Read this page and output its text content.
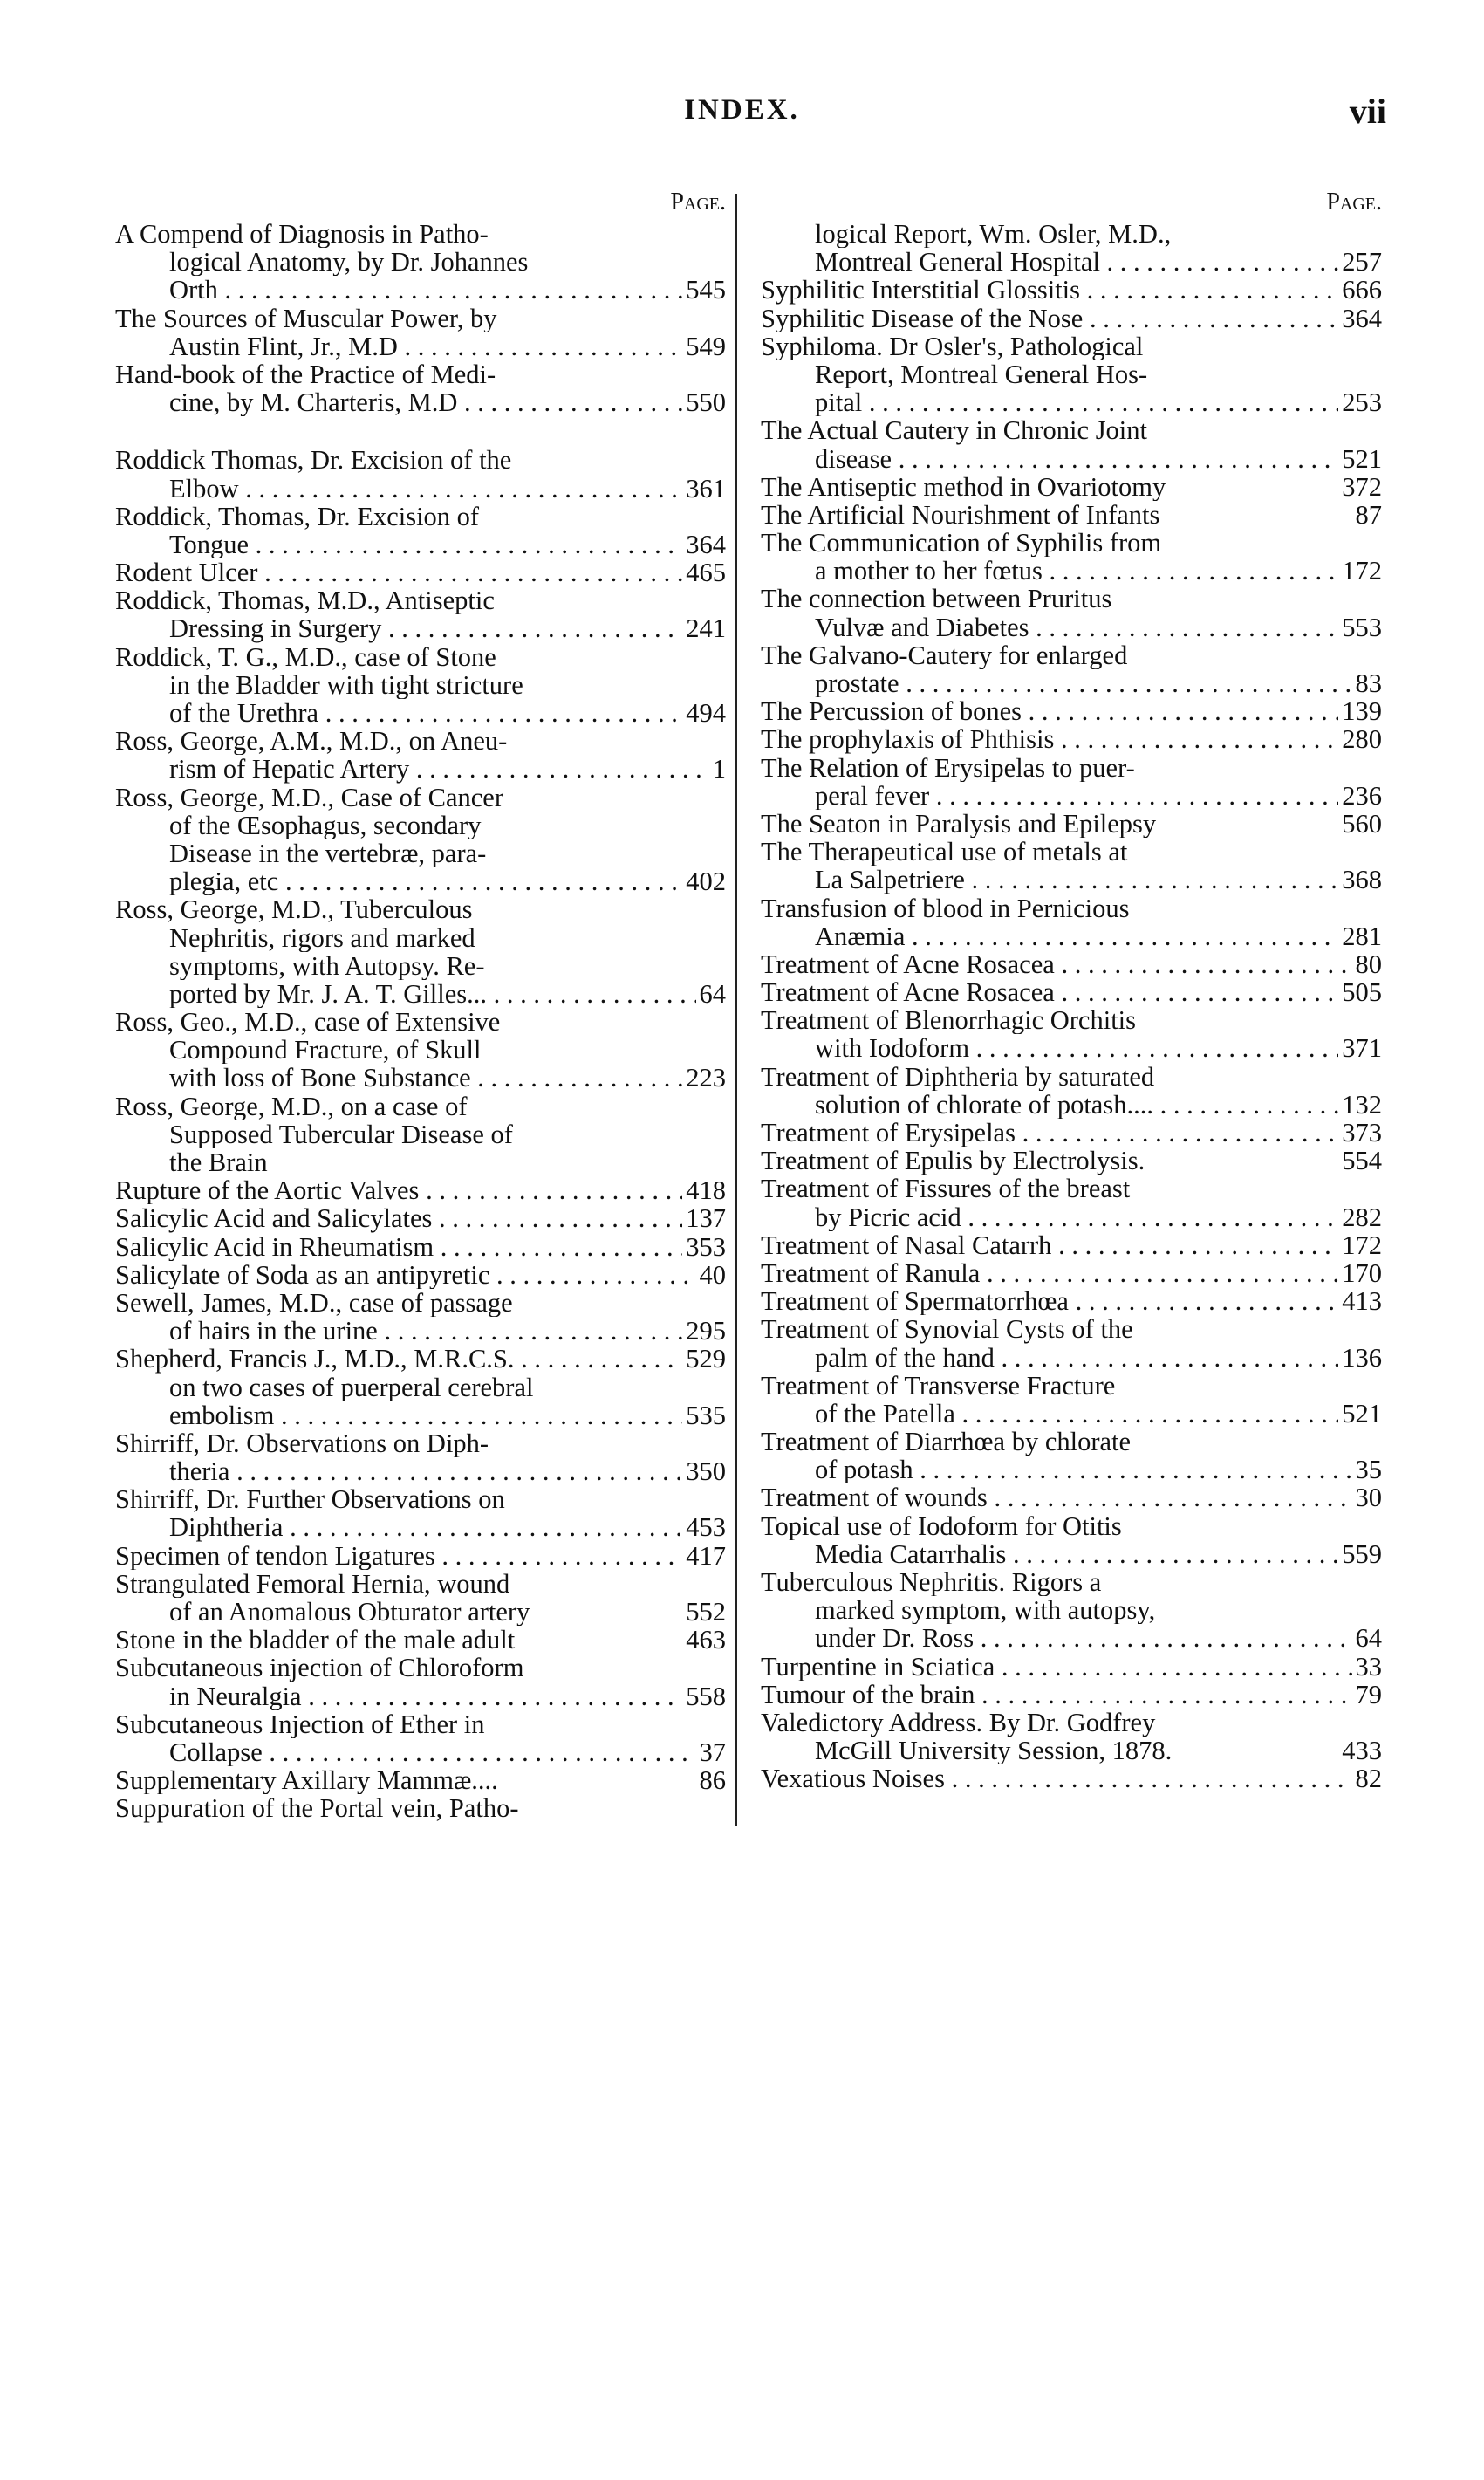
INDEX.	vii
Page.
A Compend of Diagnosis in Patho-
logical Anatomy, by Dr. Johannes
Orth . . .	545
The Sources of Muscular Power, by
Austin Flint, Jr., M.D . . .	549
Hand-book of the Practice of Medi-
cine, by M. Charteris, M.D . . .	550
Roddick Thomas, Dr. Excision of the
Elbow . . .	361
Roddick, Thomas, Dr. Excision of
Tongue . . .	364
Rodent Ulcer . . .	465
Roddick, Thomas, M.D., Antiseptic
Dressing in Surgery . . .	241
Roddick, T. G., M.D., case of Stone
in the Bladder with tight stricture
of the Urethra . . .	494
Ross, George, A.M., M.D., on Aneu-
rism of Hepatic Artery . . .	1
Ross, George, M.D., Case of Cancer
of the Œsophagus, secondary
Disease in the vertebræ, para-
plegia, etc . . .	402
Ross, George, M.D., Tuberculous
Nephritis, rigors and marked
symptoms, with Autopsy. Re-
ported by Mr. J. A. T. Gilles... . . .	64
Ross, Geo., M.D., case of Extensive
Compound Fracture, of Skull
with loss of Bone Substance . . .	223
Ross, George, M.D., on a case of
Supposed Tubercular Disease of
the Brain
Rupture of the Aortic Valves . . .	418
Salicylic Acid and Salicylates . . .	137
Salicylic Acid in Rheumatism . . .	353
Salicylate of Soda as an antipyretic . . .	40
Sewell, James, M.D., case of passage
of hairs in the urine . . .	295
Shepherd, Francis J., M.D., M.R.C.S. . . .	529
on two cases of puerperal cerebral
embolism . . .	535
Shirriff, Dr. Observations on Diph-
theria . . .	350
Shirriff, Dr. Further Observations on
Diphtheria . . .	453
Specimen of tendon Ligatures . . .	417
Strangulated Femoral Hernia, wound
of an Anomalous Obturator artery	552
Stone in the bladder of the male adult	463
Subcutaneous injection of Chloroform
in Neuralgia . . .	558
Subcutaneous Injection of Ether in
Collapse . . .	37
Supplementary Axillary Mammæ....	86
Suppuration of the Portal vein, Patho-
Page.
logical Report, Wm. Osler, M.D.,
Montreal General Hospital . . .	257
Syphilitic Interstitial Glossitis . . .	666
Syphilitic Disease of the Nose . . .	364
Syphiloma. Dr Osler's, Pathological
Report, Montreal General Hos-
pital . . .	253
The Actual Cautery in Chronic Joint
disease . . .	521
The Antiseptic method in Ovariotomy	372
The Artificial Nourishment of Infants	87
The Communication of Syphilis from
a mother to her fœtus . . .	172
The connection between Pruritus
Vulvæ and Diabetes . . .	553
The Galvano-Cautery for enlarged
prostate . . .	83
The Percussion of bones . . .	139
The prophylaxis of Phthisis . . .	280
The Relation of Erysipelas to puer-
peral fever . . .	236
The Seaton in Paralysis and Epilepsy	560
The Therapeutical use of metals at
La Salpetriere . . .	368
Transfusion of blood in Pernicious
Anæmia . . .	281
Treatment of Acne Rosacea . . .	80
Treatment of Acne Rosacea . . .	505
Treatment of Blenorrhagic Orchitis
with Iodoform . . .	371
Treatment of Diphtheria by saturated
solution of chlorate of potash.... . . .	132
Treatment of Erysipelas . . .	373
Treatment of Epulis by Electrolysis.	554
Treatment of Fissures of the breast
by Picric acid . . .	282
Treatment of Nasal Catarrh . . .	172
Treatment of Ranula . . .	170
Treatment of Spermatorrhœa . . .	413
Treatment of Synovial Cysts of the
palm of the hand . . .	136
Treatment of Transverse Fracture
of the Patella . . .	521
Treatment of Diarrhœa by chlorate
of potash . . .	35
Treatment of wounds . . .	30
Topical use of Iodoform for Otitis
Media Catarrhalis . . .	559
Tuberculous Nephritis. Rigors a
marked symptom, with autopsy,
under Dr. Ross . . .	64
Turpentine in Sciatica . . .	33
Tumour of the brain . . .	79
Valedictory Address. By Dr. Godfrey
McGill University Session, 1878.	433
Vexatious Noises . . .	82
